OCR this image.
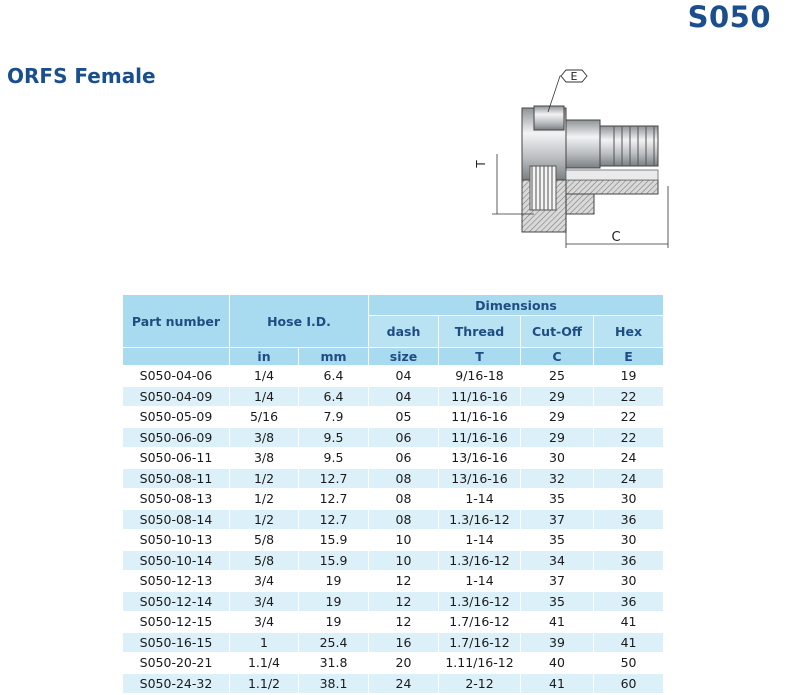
S050
ORFS Female	E
T
C
Part number	Hose I.D.		Dimensions			
			dash	Thread	Cut-Off	Hex
	in	mm	size	T	C	E
S050-04-06	1/4	6.4	04	9/16-18	25	19
S050-04-09	1/4	6.4	04	11/16-16	29	22
S050-05-09	5/16	7.9	05	11/16-16	29	22
S050-06-09	3/8	9.5	06	11/16-16	29	22
S050-06-11	3/8	9.5	06	13/16-16	30	24
S050-08-11	1/2	12.7	08	13/16-16	32	24
S050-08-13	1/2	12.7	08	1-14	35	30
S050-08-14	1/2	12.7	08	1.3/16-12	37	36
S050-10-13	5/8	15.9	10	1-14	35	30
S050-10-14	5/8	15.9	10	1.3/16-12	34	36
S050-12-13	3/4	19	12	1-14	37	30
S050-12-14	3/4	19	12	1.3/16-12	35	36
S050-12-15	3/4	19	12	1.7/16-12	41	41
S050-16-15	1	25.4	16	1.7/16-12	39	41
S050-20-21	1.1/4	31.8	20	1.11/16-12	40	50
S050-24-32	1.1/2	38.1	24	2-12	41	60
